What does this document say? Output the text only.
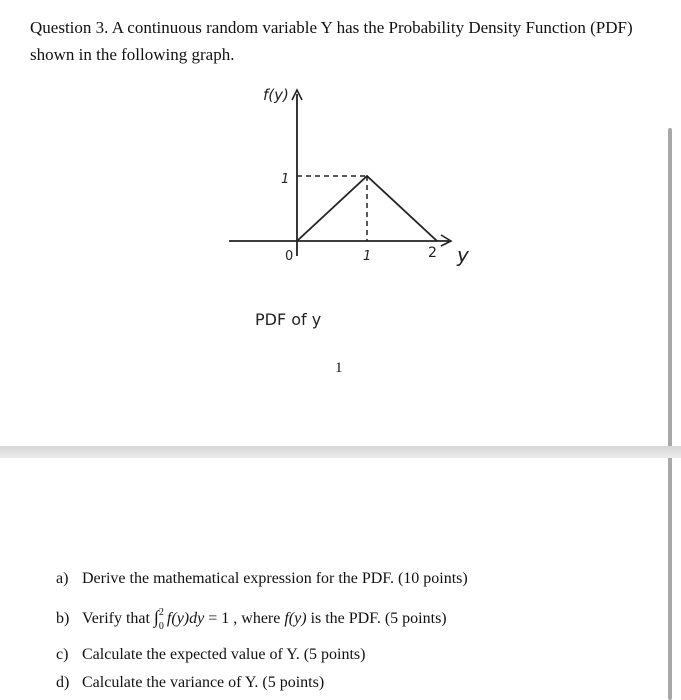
Question 3. A continuous random variable Y has the Probability Density Function (PDF) shown in the following graph.
f(y)
1
0	1	2 y
PDF of y
1
a) Derive the mathematical expression for the PDF. (10 points)
b) Verify that ∫ 2
0 f(y)dy = 1 , where f(y) is the PDF. (5 points)
c) Calculate the expected value of Y. (5 points)
d) Calculate the variance of Y. (5 points)
